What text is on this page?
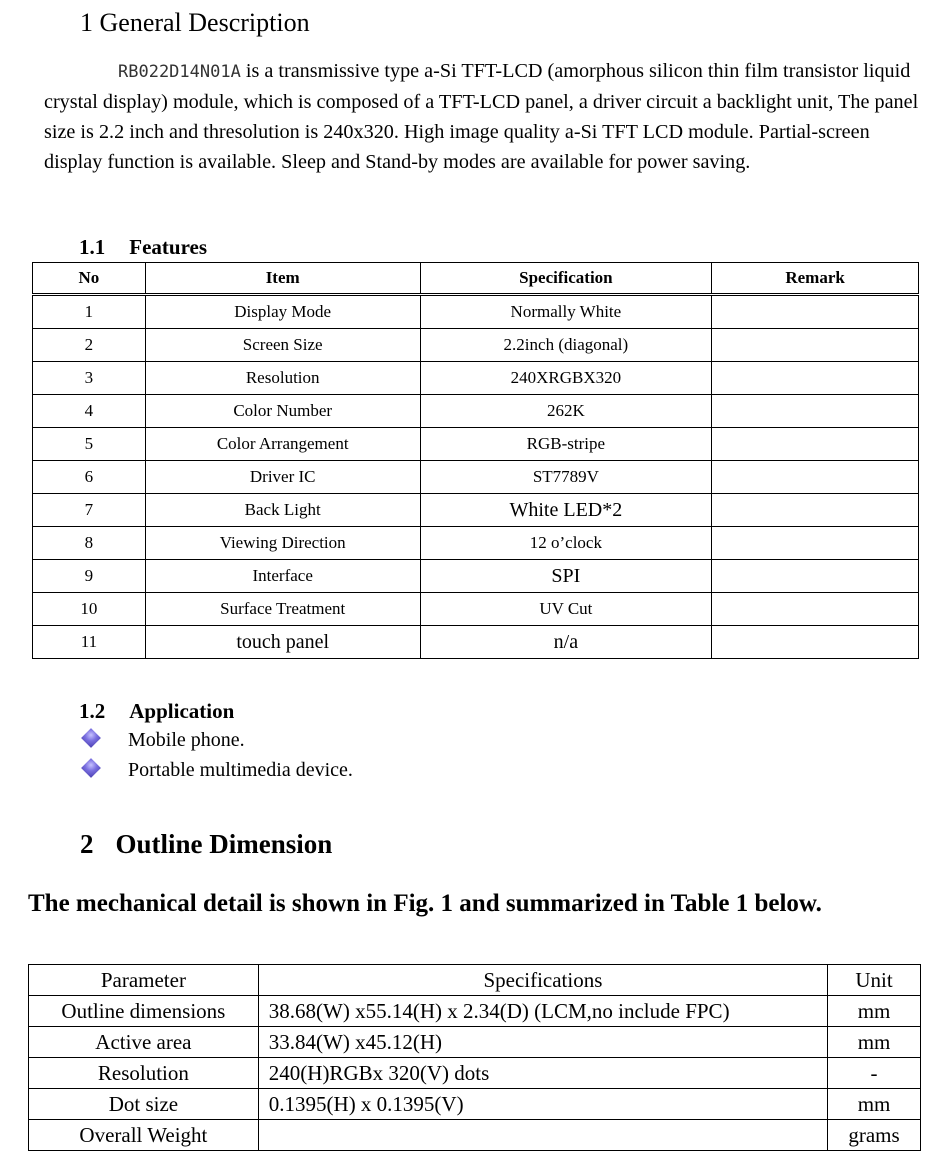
1 General Description
RB022D14N01A is a transmissive type a-Si TFT-LCD (amorphous silicon thin film transistor liquid crystal display) module, which is composed of a TFT-LCD panel, a driver circuit a backlight unit, The panel size is 2.2 inch and thresolution is 240x320. High image quality a-Si TFT LCD module. Partial-screen display function is available. Sleep and Stand-by modes are available for power saving.
1.1 Features
No	Item	Specification	Remark
1	Display Mode	Normally White	
2	Screen Size	2.2inch (diagonal)	
3	Resolution	240XRGBX320	
4	Color Number	262K	
5	Color Arrangement	RGB-stripe	
6	Driver IC	ST7789V	
7	Back Light	White LED*2	
8	Viewing Direction	12 o’clock	
9	Interface	SPI	
10	Surface Treatment	UV Cut	
11	touch panel	n/a	
1.2 Application
Mobile phone.
Portable multimedia device.
2 Outline Dimension
The mechanical detail is shown in Fig. 1 and summarized in Table 1 below.
Parameter	Specifications	Unit
Outline dimensions	38.68(W) x55.14(H) x 2.34(D) (LCM,no include FPC)	mm
Active area	33.84(W) x45.12(H)	mm
Resolution	240(H)RGBx 320(V) dots	-
Dot size	0.1395(H) x 0.1395(V)	mm
Overall Weight		grams
